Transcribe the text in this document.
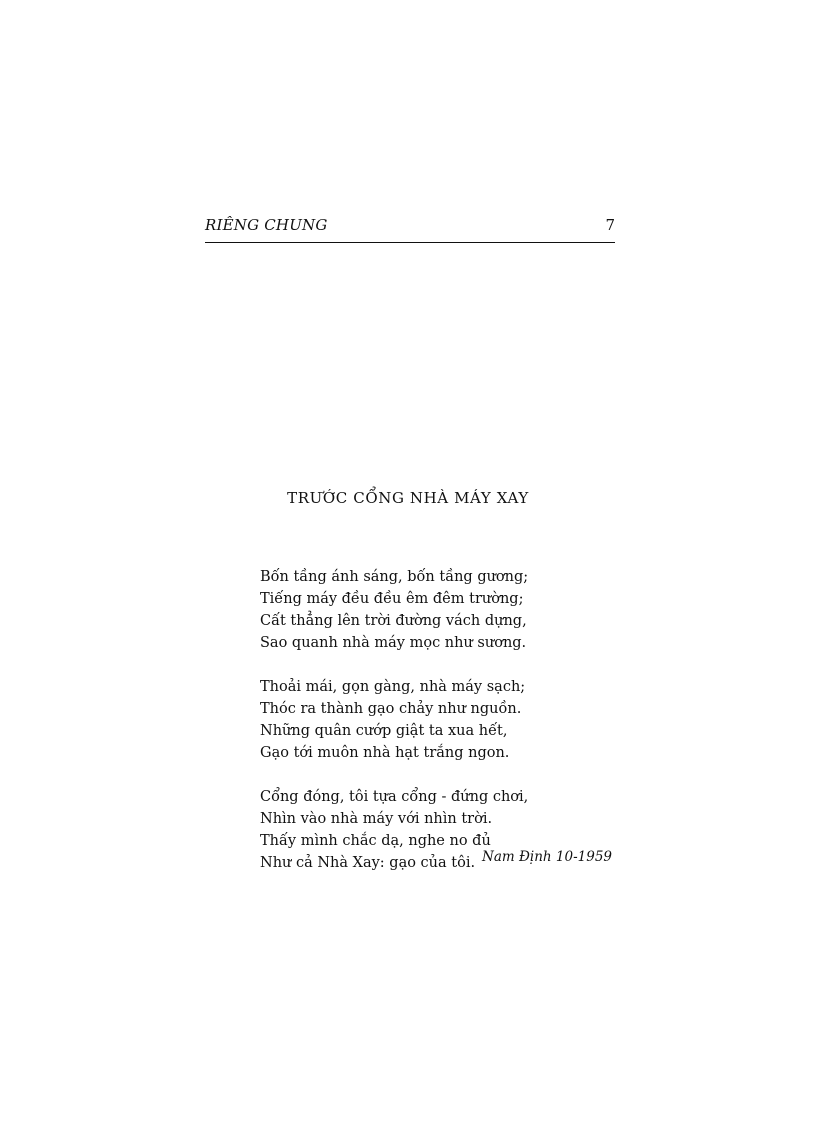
RIÊNG CHUNG	7
TRƯỚC CỔNG NHÀ MÁY XAY
Bốn tầng ánh sáng, bốn tầng gương;
Tiếng máy đều đều êm đêm trường;
Cất thẳng lên trời đường vách dựng,
Sao quanh nhà máy mọc như sương.
Thoải mái, gọn gàng, nhà máy sạch;
Thóc ra thành gạo chảy như nguồn.
Những quân cướp giật ta xua hết,
Gạo tới muôn nhà hạt trắng ngon.
Cổng đóng, tôi tựa cổng - đứng chơi,
Nhìn vào nhà máy với nhìn trời.
Thấy mình chắc dạ, nghe no đủ
Như cả Nhà Xay: gạo của tôi. Nam Định 10-1959
